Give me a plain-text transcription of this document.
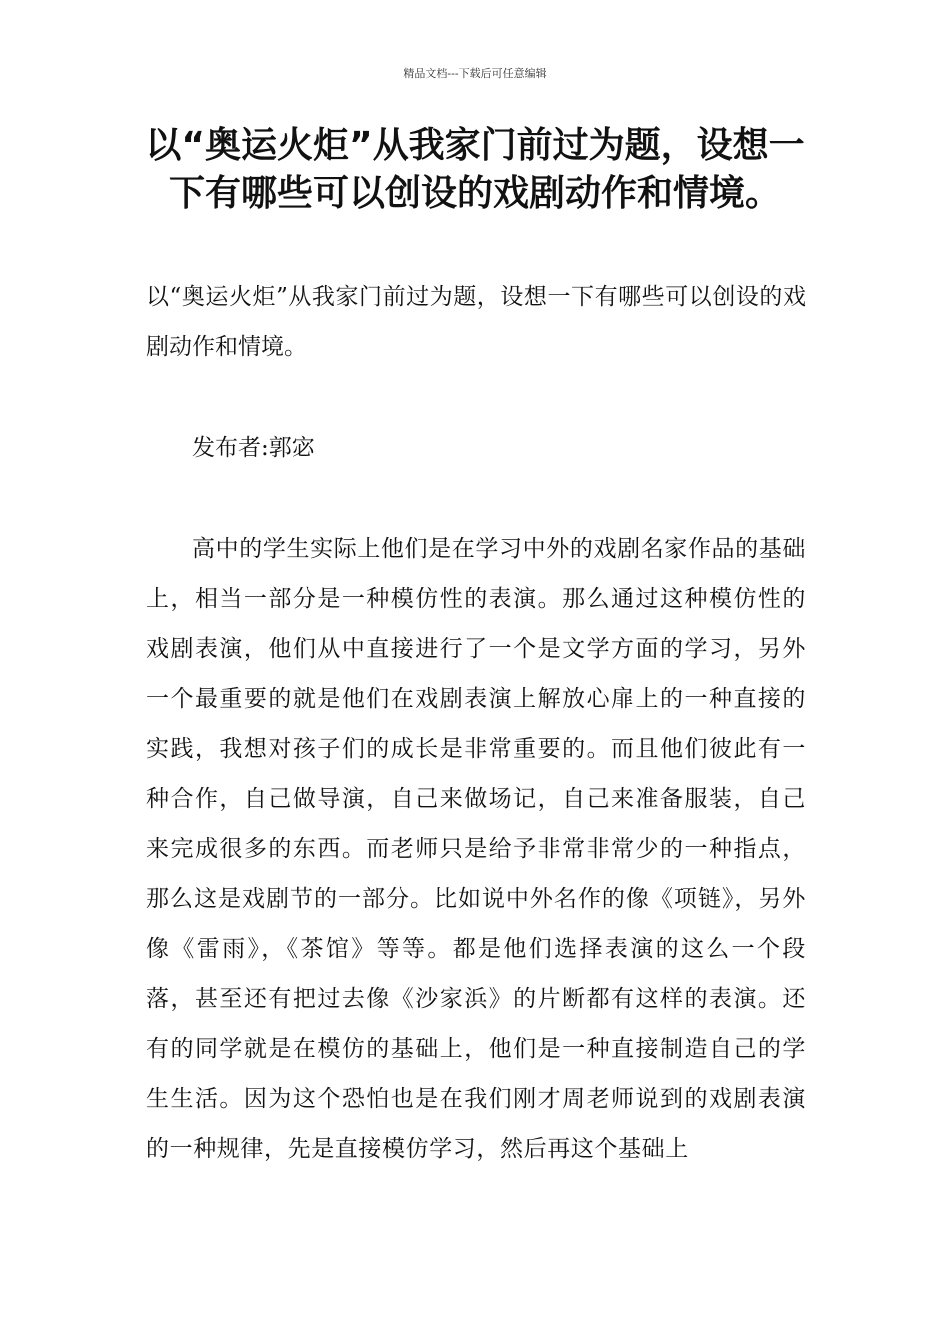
精品文档---下载后可任意编辑
以“奥运火炬”从我家门前过为题，设想一下有哪些可以创设的戏剧动作和情境。

以“奥运火炬”从我家门前过为题，设想一下有哪些可以创设的戏剧动作和情境。

发布者:郭宓

高中的学生实际上他们是在学习中外的戏剧名家作品的基础上，相当一部分是一种模仿性的表演。那么通过这种模仿性的戏剧表演，他们从中直接进行了一个是文学方面的学习，另外一个最重要的就是他们在戏剧表演上解放心扉上的一种直接的实践，我想对孩子们的成长是非常重要的。而且他们彼此有一种合作，自己做导演，自己来做场记，自己来准备服装，自己来完成很多的东西。而老师只是给予非常非常少的一种指点，那么这是戏剧节的一部分。比如说中外名作的像《项链》，另外像《雷雨》，《茶馆》等等。都是他们选择表演的这么一个段落，甚至还有把过去像《沙家浜》的片断都有这样的表演。还有的同学就是在模仿的基础上，他们是一种直接制造自己的学生生活。因为这个恐怕也是在我们刚才周老师说到的戏剧表演的一种规律，先是直接模仿学习，然后再这个基础上
